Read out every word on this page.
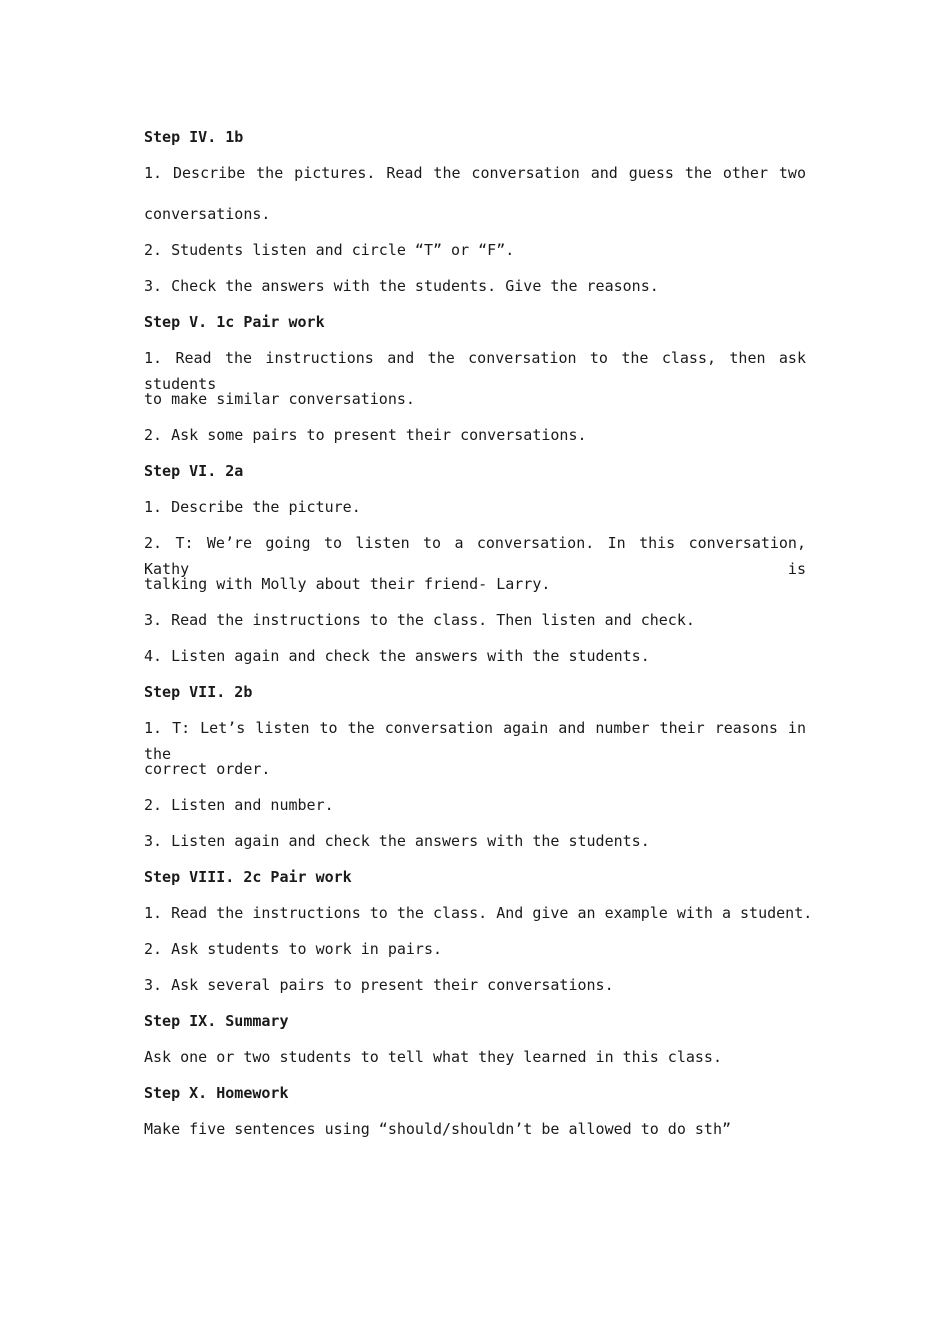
Step IV. 1b
1. Describe the pictures. Read the conversation and guess the other two
conversations.
2. Students listen and circle “T” or “F”.
3. Check the answers with the students. Give the reasons.
Step V. 1c Pair work
1. Read the instructions and the conversation to the class, then ask students
to make similar conversations.
2. Ask some pairs to present their conversations.
Step VI. 2a
1. Describe the picture.
2. T: We’re going to listen to a conversation. In this conversation, Kathy is
talking with Molly about their friend- Larry.
3. Read the instructions to the class. Then listen and check.
4. Listen again and check the answers with the students.
Step VII. 2b
1. T: Let’s listen to the conversation again and number their reasons in the
correct order.
2. Listen and number.
3. Listen again and check the answers with the students.
Step VIII. 2c Pair work
1. Read the instructions to the class. And give an example with a student.
2. Ask students to work in pairs.
3. Ask several pairs to present their conversations.
Step IX. Summary
Ask one or two students to tell what they learned in this class.
Step X. Homework
Make five sentences using “should/shouldn’t be allowed to do sth”
